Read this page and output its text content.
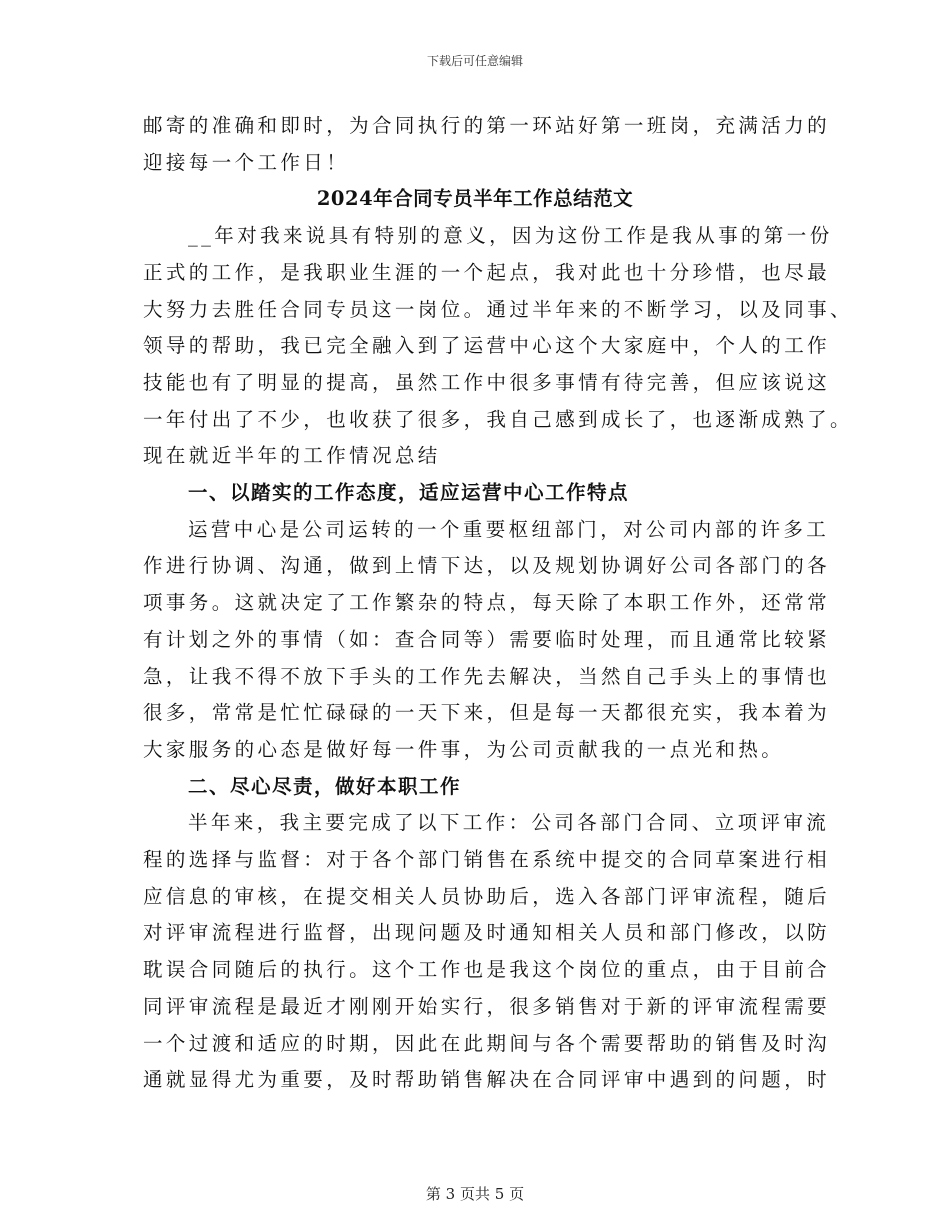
下载后可任意编辑
邮寄的准确和即时，为合同执行的第一环站好第一班岗，充满活力的
迎接每一个工作日！
2024年合同专员半年工作总结范文
__年对我来说具有特别的意义，因为这份工作是我从事的第一份
正式的工作，是我职业生涯的一个起点，我对此也十分珍惜，也尽最
大努力去胜任合同专员这一岗位。通过半年来的不断学习，以及同事、
领导的帮助，我已完全融入到了运营中心这个大家庭中，个人的工作
技能也有了明显的提高，虽然工作中很多事情有待完善，但应该说这
一年付出了不少，也收获了很多，我自己感到成长了，也逐渐成熟了。
现在就近半年的工作情况总结
一、以踏实的工作态度，适应运营中心工作特点
运营中心是公司运转的一个重要枢纽部门，对公司内部的许多工
作进行协调、沟通，做到上情下达，以及规划协调好公司各部门的各
项事务。这就决定了工作繁杂的特点，每天除了本职工作外，还常常
有计划之外的事情（如：查合同等）需要临时处理，而且通常比较紧
急，让我不得不放下手头的工作先去解决，当然自己手头上的事情也
很多，常常是忙忙碌碌的一天下来，但是每一天都很充实，我本着为
大家服务的心态是做好每一件事，为公司贡献我的一点光和热。
二、尽心尽责，做好本职工作
半年来，我主要完成了以下工作：公司各部门合同、立项评审流
程的选择与监督：对于各个部门销售在系统中提交的合同草案进行相
应信息的审核，在提交相关人员协助后，选入各部门评审流程，随后
对评审流程进行监督，出现问题及时通知相关人员和部门修改，以防
耽误合同随后的执行。这个工作也是我这个岗位的重点，由于目前合
同评审流程是最近才刚刚开始实行，很多销售对于新的评审流程需要
一个过渡和适应的时期，因此在此期间与各个需要帮助的销售及时沟
通就显得尤为重要，及时帮助销售解决在合同评审中遇到的问题，时
第 3 页共 5 页
